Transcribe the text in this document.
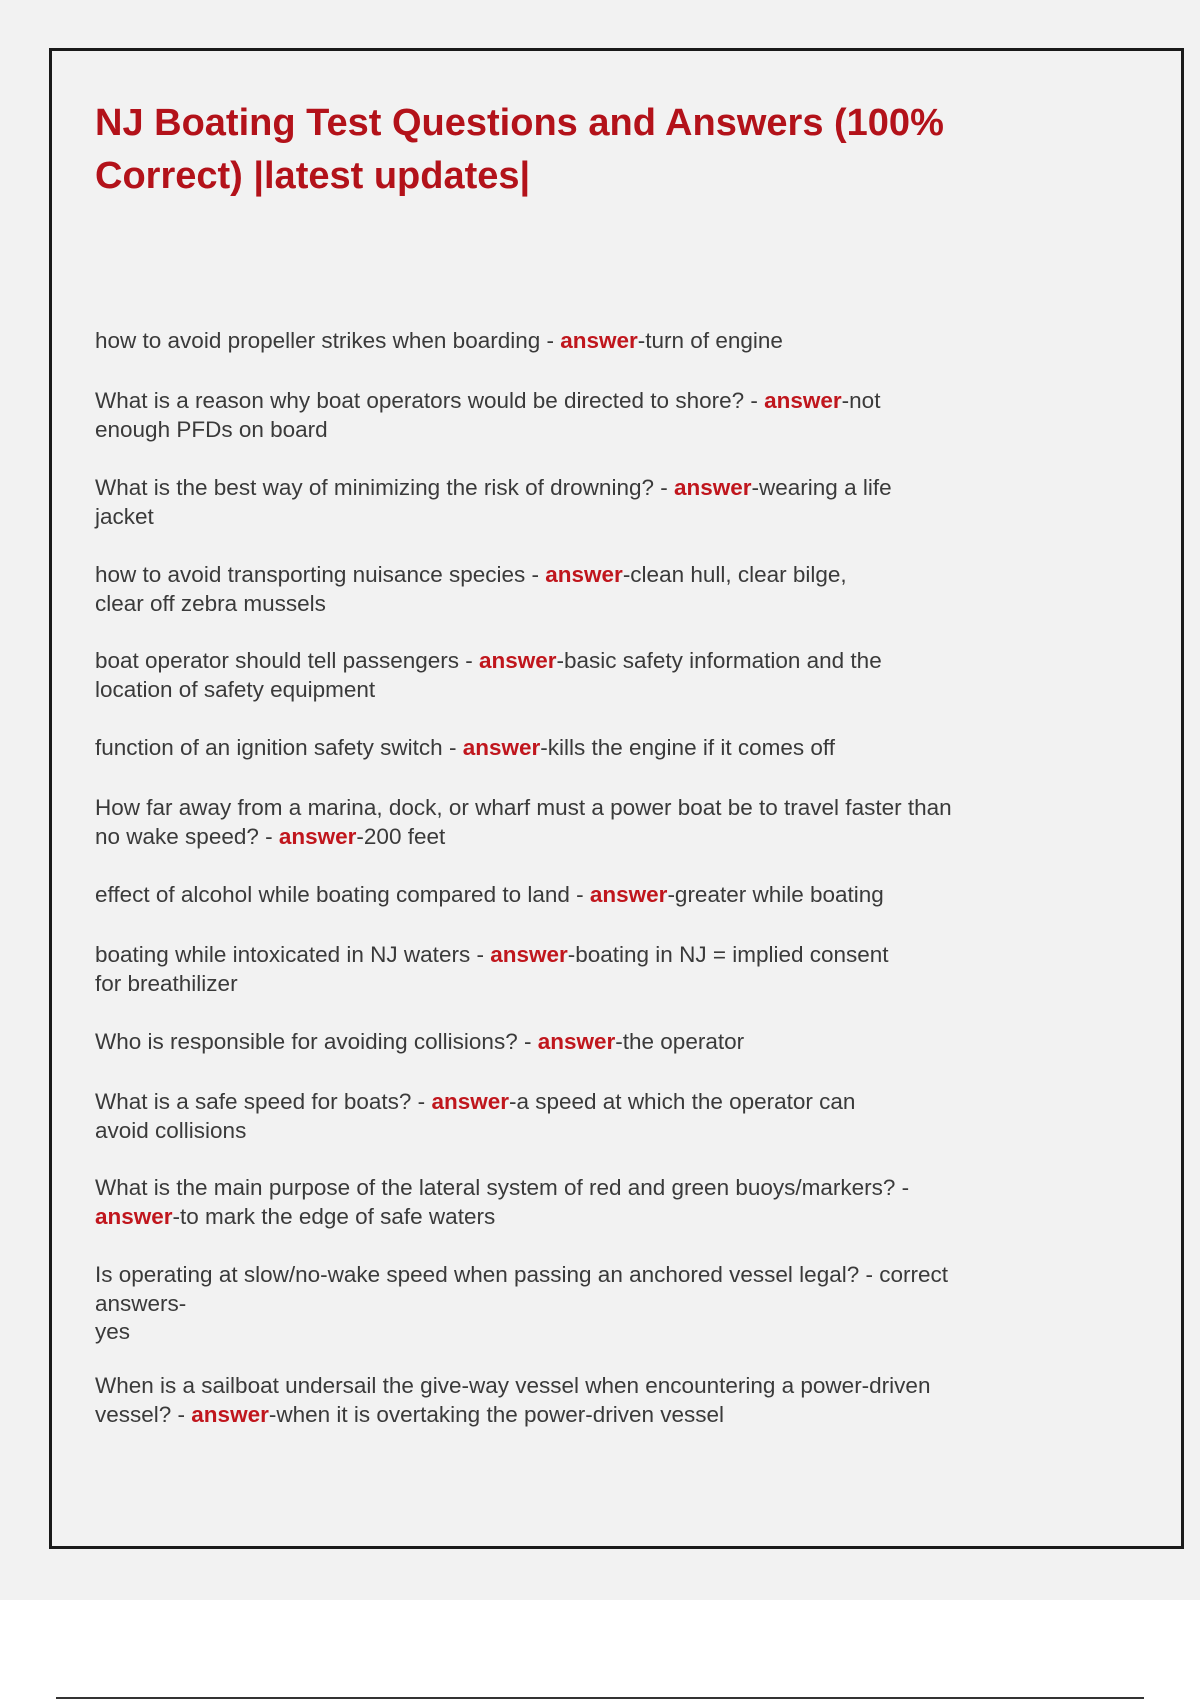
NJ Boating Test Questions and Answers (100%
Correct) |latest updates|
how to avoid propeller strikes when boarding - answer-turn of engine
What is a reason why boat operators would be directed to shore? - answer-not
enough PFDs on board
What is the best way of minimizing the risk of drowning? - answer-wearing a life
jacket
how to avoid transporting nuisance species - answer-clean hull, clear bilge,
clear off zebra mussels
boat operator should tell passengers - answer-basic safety information and the
location of safety equipment
function of an ignition safety switch - answer-kills the engine if it comes off
How far away from a marina, dock, or wharf must a power boat be to travel faster than
no wake speed? - answer-200 feet
effect of alcohol while boating compared to land - answer-greater while boating
boating while intoxicated in NJ waters - answer-boating in NJ = implied consent
for breathilizer
Who is responsible for avoiding collisions? - answer-the operator
What is a safe speed for boats? - answer-a speed at which the operator can
avoid collisions
What is the main purpose of the lateral system of red and green buoys/markers? -
answer-to mark the edge of safe waters
Is operating at slow/no-wake speed when passing an anchored vessel legal? - correct
answers-
yes
When is a sailboat undersail the give-way vessel when encountering a power-driven
vessel? - answer-when it is overtaking the power-driven vessel
